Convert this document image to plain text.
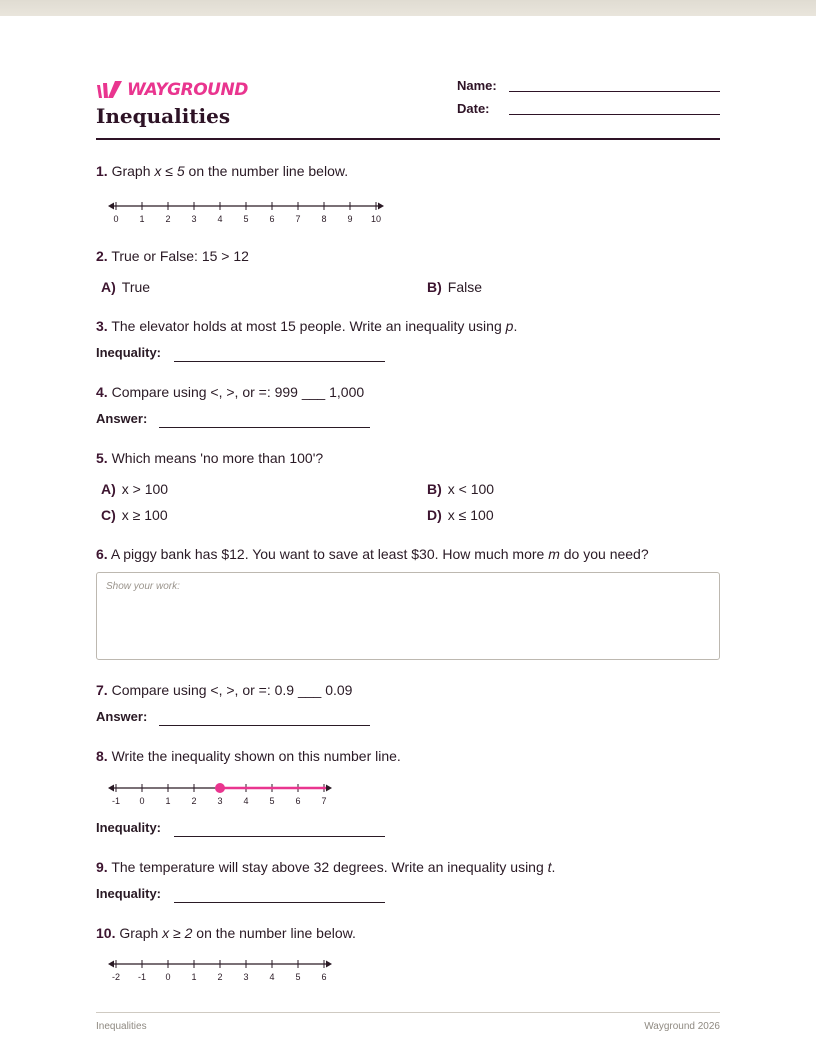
WAYGROUND
Inequalities
Name:
Date:
1. Graph x ≤ 5 on the number line below.
0 1 2 3 4 5 6 7 8 9 10
2. True or False: 15 > 12
A) True	B) False
3. The elevator holds at most 15 people. Write an inequality using p.
Inequality:
4. Compare using <, >, or =: 999 ___ 1,000
Answer:
5. Which means 'no more than 100'?
A) x > 100	B) x < 100
C) x ≥ 100	D) x ≤ 100
6. A piggy bank has $12. You want to save at least $30. How much more m do you need?
Show your work:
7. Compare using <, >, or =: 0.9 ___ 0.09
Answer:
8. Write the inequality shown on this number line.
-1 0 1 2 3 4 5 6 7
Inequality:
9. The temperature will stay above 32 degrees. Write an inequality using t.
Inequality:
10. Graph x ≥ 2 on the number line below.
-2 -1 0 1 2 3 4 5 6
Inequalities	Wayground 2026
